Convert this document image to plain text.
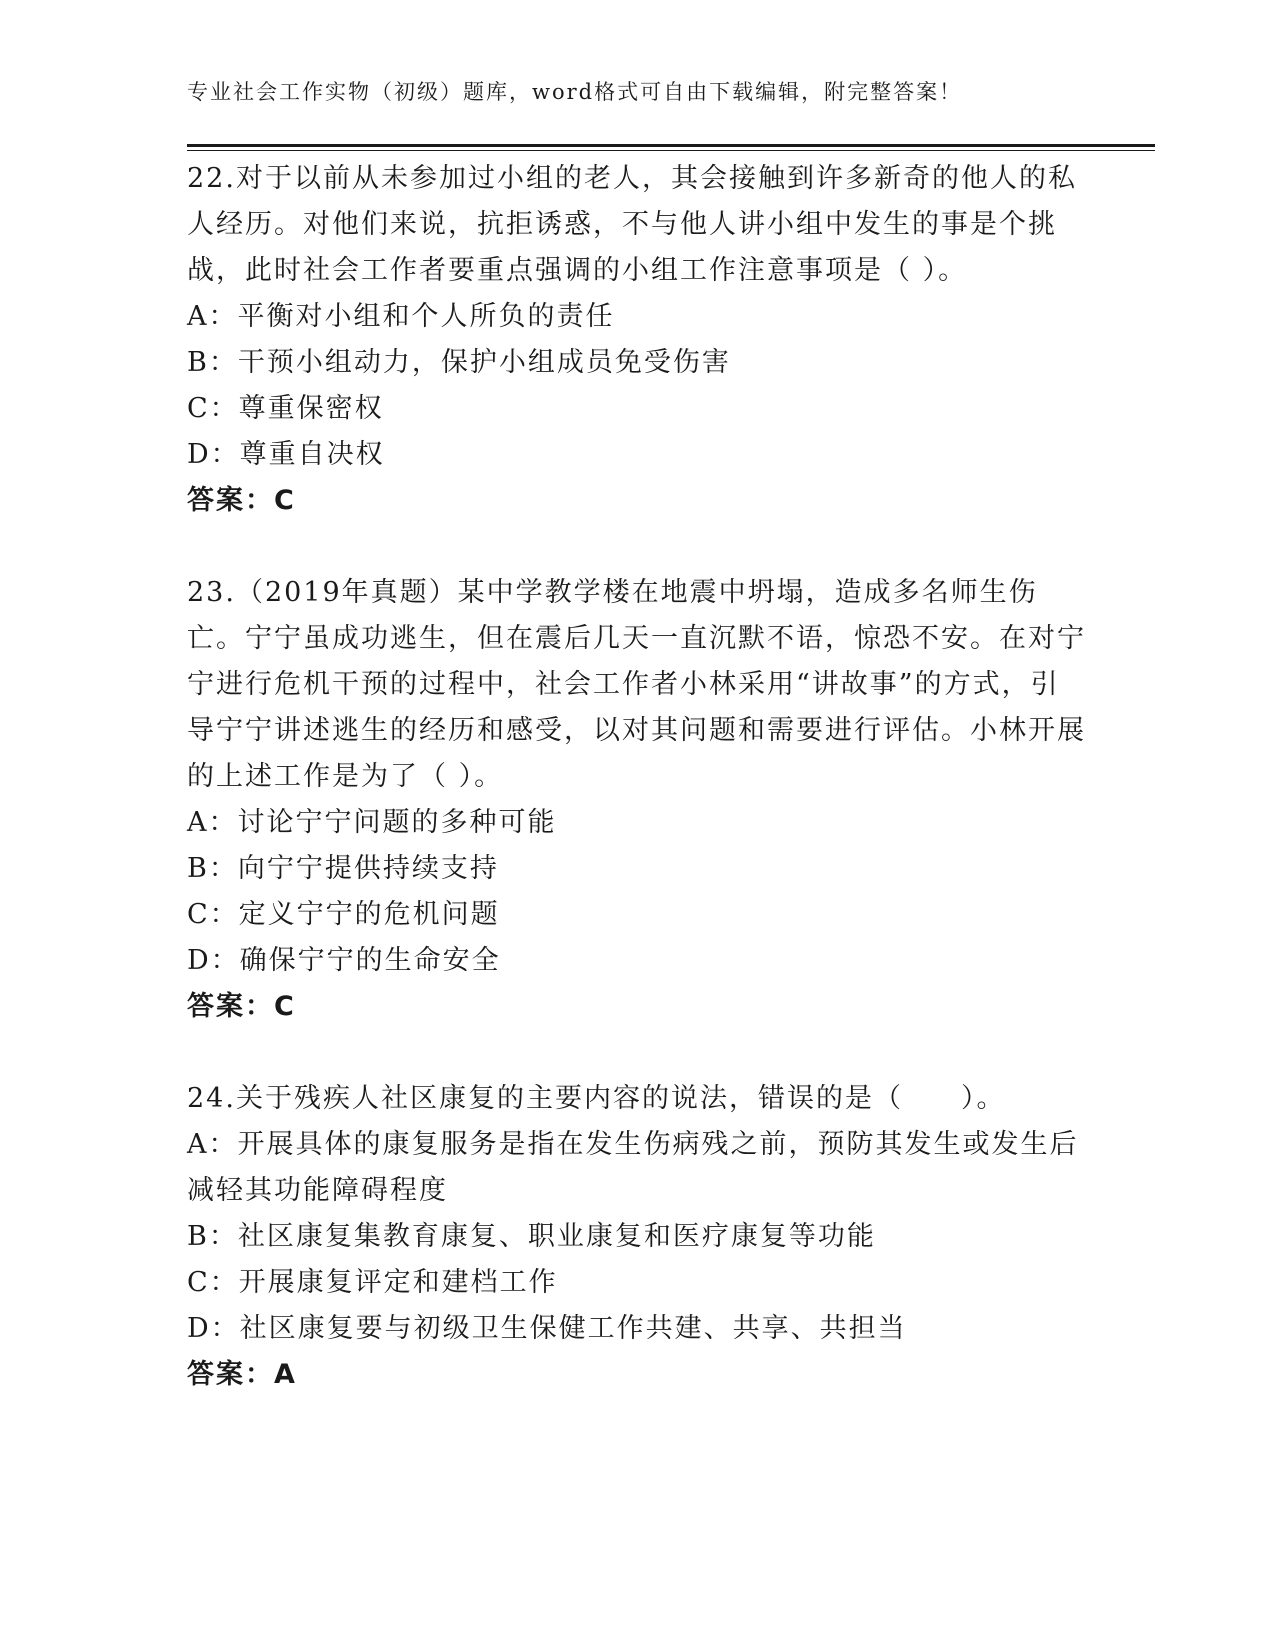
专业社会工作实物（初级）题库，word格式可自由下载编辑，附完整答案！

22.对于以前从未参加过小组的老人，其会接触到许多新奇的他人的私人经历。对他们来说，抗拒诱惑，不与他人讲小组中发生的事是个挑战，此时社会工作者要重点强调的小组工作注意事项是（ ）。

A：平衡对小组和个人所负的责任

B：干预小组动力，保护小组成员免受伤害

C：尊重保密权

D：尊重自决权

答案：C

23.（2019年真题）某中学教学楼在地震中坍塌，造成多名师生伤亡。宁宁虽成功逃生，但在震后几天一直沉默不语，惊恐不安。在对宁宁进行危机干预的过程中，社会工作者小林采用“讲故事”的方式，引导宁宁讲述逃生的经历和感受，以对其问题和需要进行评估。小林开展的上述工作是为了（ ）。

A：讨论宁宁问题的多种可能

B：向宁宁提供持续支持

C：定义宁宁的危机问题

D：确保宁宁的生命安全

答案：C

24.关于残疾人社区康复的主要内容的说法，错误的是（　　）。

A：开展具体的康复服务是指在发生伤病残之前，预防其发生或发生后减轻其功能障碍程度

B：社区康复集教育康复、职业康复和医疗康复等功能

C：开展康复评定和建档工作

D：社区康复要与初级卫生保健工作共建、共享、共担当

答案：A
